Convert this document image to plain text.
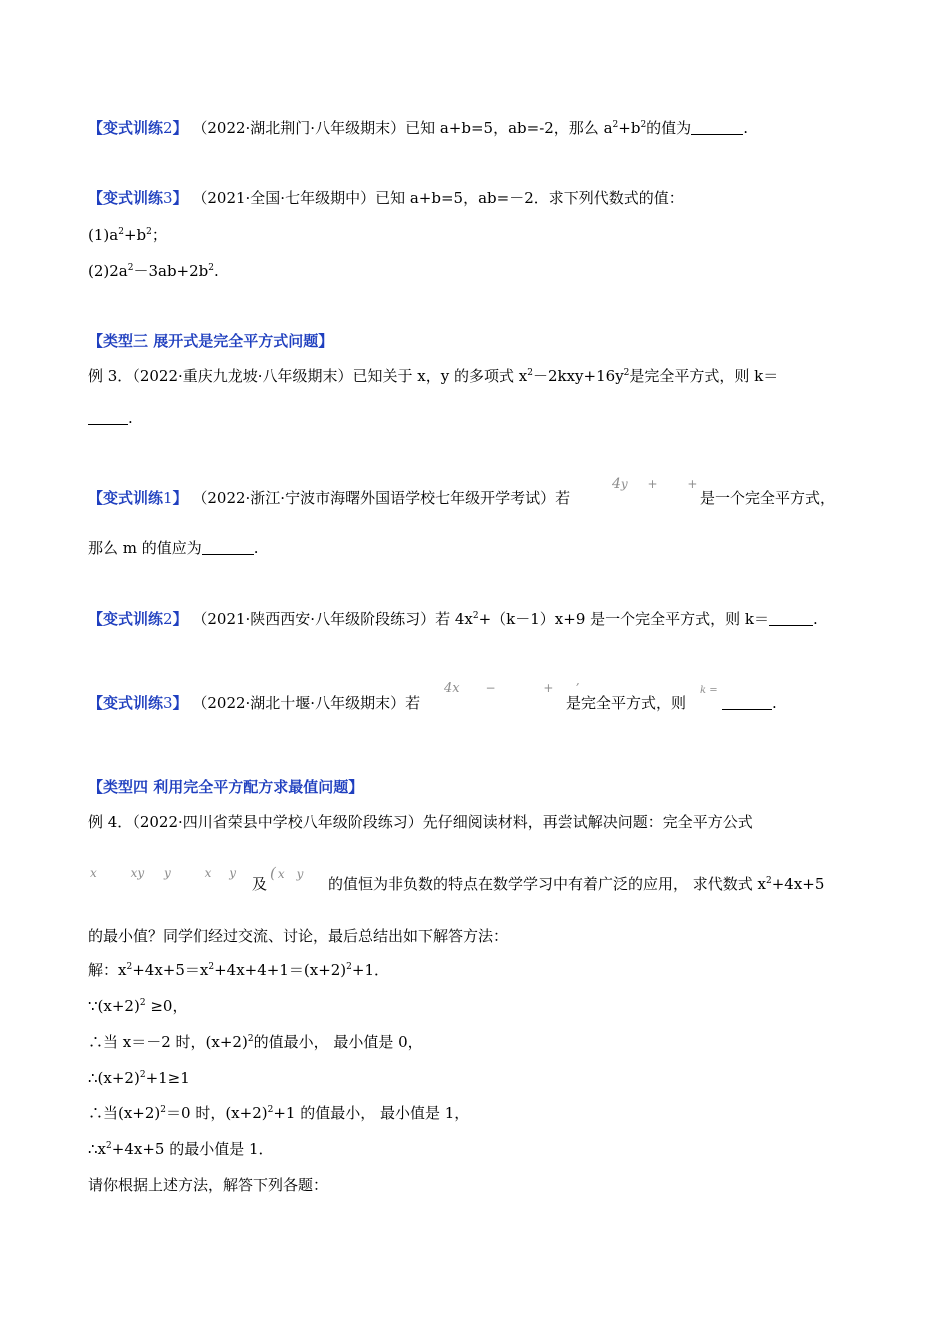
【变式训练2】 （2022·湖北荆门·八年级期末）已知 a+b=5，ab=-2，那么 $a^2+b^2$的值为	.
【变式训练3】 （2021·全国·七年级期中）已知 a+b=5，ab=－2．求下列代数式的值：
$(1)a^2+b^2$；
$(2)2a^2-3ab+2b^2$.
【类型三 展开式是完全平方式问题】
例 3．（2022·重庆九龙坡·八年级期末）已知关于 x，y 的多项式 $x^2-2kxy+16y^2$是完全平方式，则 k＝
.
【变式训练1】 （2022·浙江·宁波市海曙外国语学校七年级开学考试）若
4y + +
是一个完全平方式，
那么 m 的值应为	.
【变式训练2】 （2021·陕西西安·八年级阶段练习）若 $4x^2+(k-1)x+9$ 是一个完全平方式，则 k＝	.
【变式训练3】 （2022·湖北十堰·八年级期末）若
4x −	+ ʼ
是完全平方式，则
k =
.
【类型四 利用完全平方配方求最值问题】
例 4．（2022·四川省荣县中学校八年级阶段练习）先仔细阅读材料，再尝试解决问题：完全平方公式
x	xy y	x y
及
( x y
的值恒为非负数的特点在数学学习中有着广泛的应用， 求代数式 $x^2+4x+5$
的最小值？同学们经过交流、讨论，最后总结出如下解答方法：
解：$x^2+4x+5=x^2+4x+4+1=(x+2)^2+1$．
$\because(x+2)^2 \ge 0$，
∴当 x＝－2 时，$(x+2)^2$的值最小， 最小值是 0，
$\therefore(x+2)^2+1\ge 1$
∴当$(x+2)^2=0$ 时，$(x+2)^2+1$ 的值最小， 最小值是 1，
$\therefore x^2+4x+5$ 的最小值是 1．
请你根据上述方法，解答下列各题：
